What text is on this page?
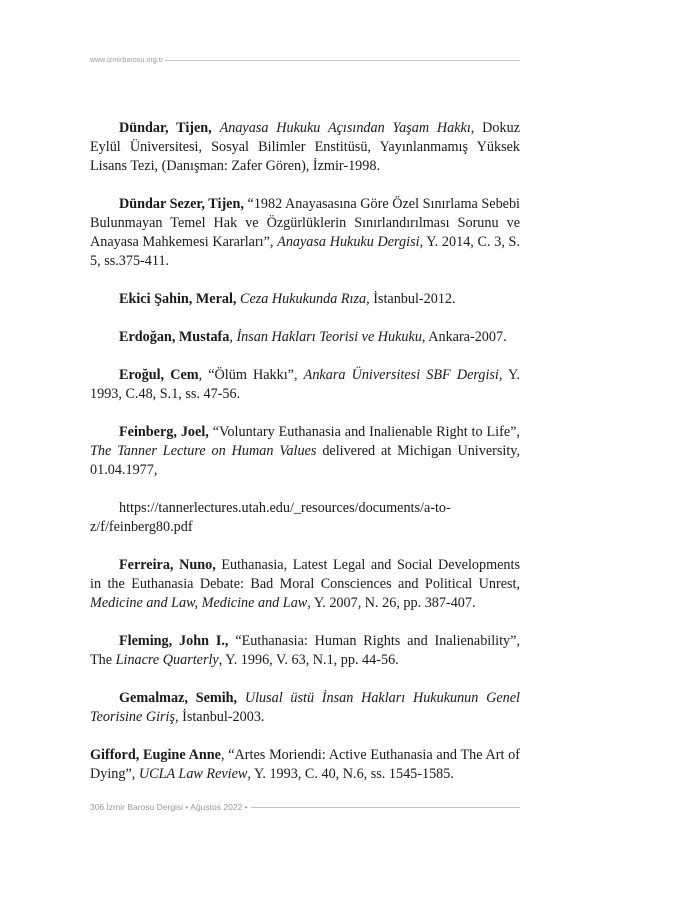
www.izmirbarosu.org.tr

Dündar, Tijen, Anayasa Hukuku Açısından Yaşam Hakkı, Dokuz Eylül Üniversitesi, Sosyal Bilimler Enstitüsü, Yayınlanmamış Yüksek Lisans Tezi, (Danışman: Zafer Gören), İzmir-1998.

Dündar Sezer, Tijen, “1982 Anayasasına Göre Özel Sınırlama Sebebi Bulunmayan Temel Hak ve Özgürlüklerin Sınırlandırılması Sorunu ve Anayasa Mahkemesi Kararları”, Anayasa Hukuku Dergisi, Y. 2014, C. 3, S. 5, ss.375-411.

Ekici Şahin, Meral, Ceza Hukukunda Rıza, İstanbul-2012.

Erdoğan, Mustafa, İnsan Hakları Teorisi ve Hukuku, Ankara-2007.

Eroğul, Cem, “Ölüm Hakkı”, Ankara Üniversitesi SBF Dergisi, Y. 1993, C.48, S.1, ss. 47-56.

Feinberg, Joel, “Voluntary Euthanasia and Inalienable Right to Life”, The Tanner Lecture on Human Values delivered at Michigan University, 01.04.1977,

https://tannerlectures.utah.edu/_resources/documents/a-to-z/f/feinberg80.pdf

Ferreira, Nuno, Euthanasia, Latest Legal and Social Developments in the Euthanasia Debate: Bad Moral Consciences and Political Unrest, Medicine and Law, Medicine and Law, Y. 2007, N. 26, pp. 387-407.

Fleming, John I., “Euthanasia: Human Rights and Inalienability”, The Linacre Quarterly, Y. 1996, V. 63, N.1, pp. 44-56.

Gemalmaz, Semih, Ulusal üstü İnsan Hakları Hukukunun Genel Teorisine Giriş, İstanbul-2003.

Gifford, Eugine Anne, “Artes Moriendi: Active Euthanasia and The Art of Dying”, UCLA Law Review, Y. 1993, C. 40, N.6, ss. 1545-1585.

306 İzmir Barosu Dergisi • Ağustos 2022 •
